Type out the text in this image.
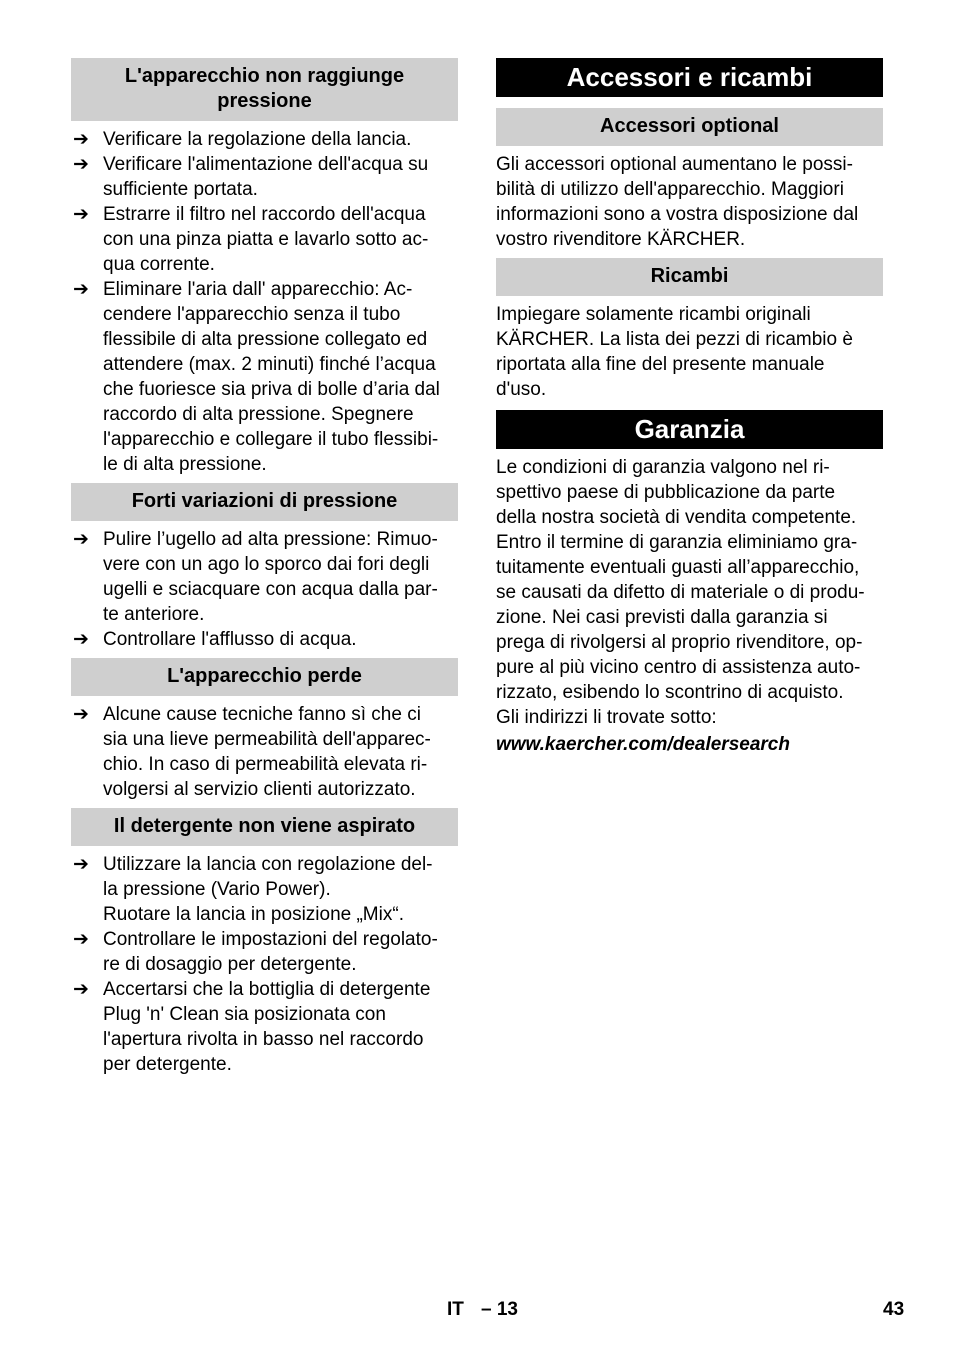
L'apparecchio non raggiunge
pressione
➔ Verificare la regolazione della lancia.
➔ Verificare l'alimentazione dell'acqua su
sufficiente portata.
➔ Estrarre il filtro nel raccordo dell'acqua
con una pinza piatta e lavarlo sotto ac-
qua corrente.
➔ Eliminare l'aria dall' apparecchio: Ac-
cendere l'apparecchio senza il tubo
flessibile di alta pressione collegato ed
attendere (max. 2 minuti) finché l’acqua
che fuoriesce sia priva di bolle d’aria dal
raccordo di alta pressione. Spegnere
l'apparecchio e collegare il tubo flessibi-
le di alta pressione.
Forti variazioni di pressione
➔ Pulire l’ugello ad alta pressione: Rimuo-
vere con un ago lo sporco dai fori degli
ugelli e sciacquare con acqua dalla par-
te anteriore.
➔ Controllare l'afflusso di acqua.
L'apparecchio perde
➔ Alcune cause tecniche fanno sì che ci
sia una lieve permeabilità dell'apparec-
chio. In caso di permeabilità elevata ri-
volgersi al servizio clienti autorizzato.
Il detergente non viene aspirato
➔ Utilizzare la lancia con regolazione del-
la pressione (Vario Power).
Ruotare la lancia in posizione „Mix“.
➔ Controllare le impostazioni del regolato-
re di dosaggio per detergente.
➔ Accertarsi che la bottiglia di detergente
Plug 'n' Clean sia posizionata con
l'apertura rivolta in basso nel raccordo
per detergente.
Accessori e ricambi
Accessori optional
Gli accessori optional aumentano le possi-
bilità di utilizzo dell'apparecchio. Maggiori
informazioni sono a vostra disposizione dal
vostro rivenditore KÄRCHER.
Ricambi
Impiegare solamente ricambi originali
KÄRCHER. La lista dei pezzi di ricambio è
riportata alla fine del presente manuale
d'uso.
Garanzia
Le condizioni di garanzia valgono nel ri-
spettivo paese di pubblicazione da parte
della nostra società di vendita competente.
Entro il termine di garanzia eliminiamo gra-
tuitamente eventuali guasti all’apparecchio,
se causati da difetto di materiale o di produ-
zione. Nei casi previsti dalla garanzia si
prega di rivolgersi al proprio rivenditore, op-
pure al più vicino centro di assistenza auto-
rizzato, esibendo lo scontrino di acquisto.
Gli indirizzi li trovate sotto:
www.kaercher.com/dealersearch
IT – 13	43
